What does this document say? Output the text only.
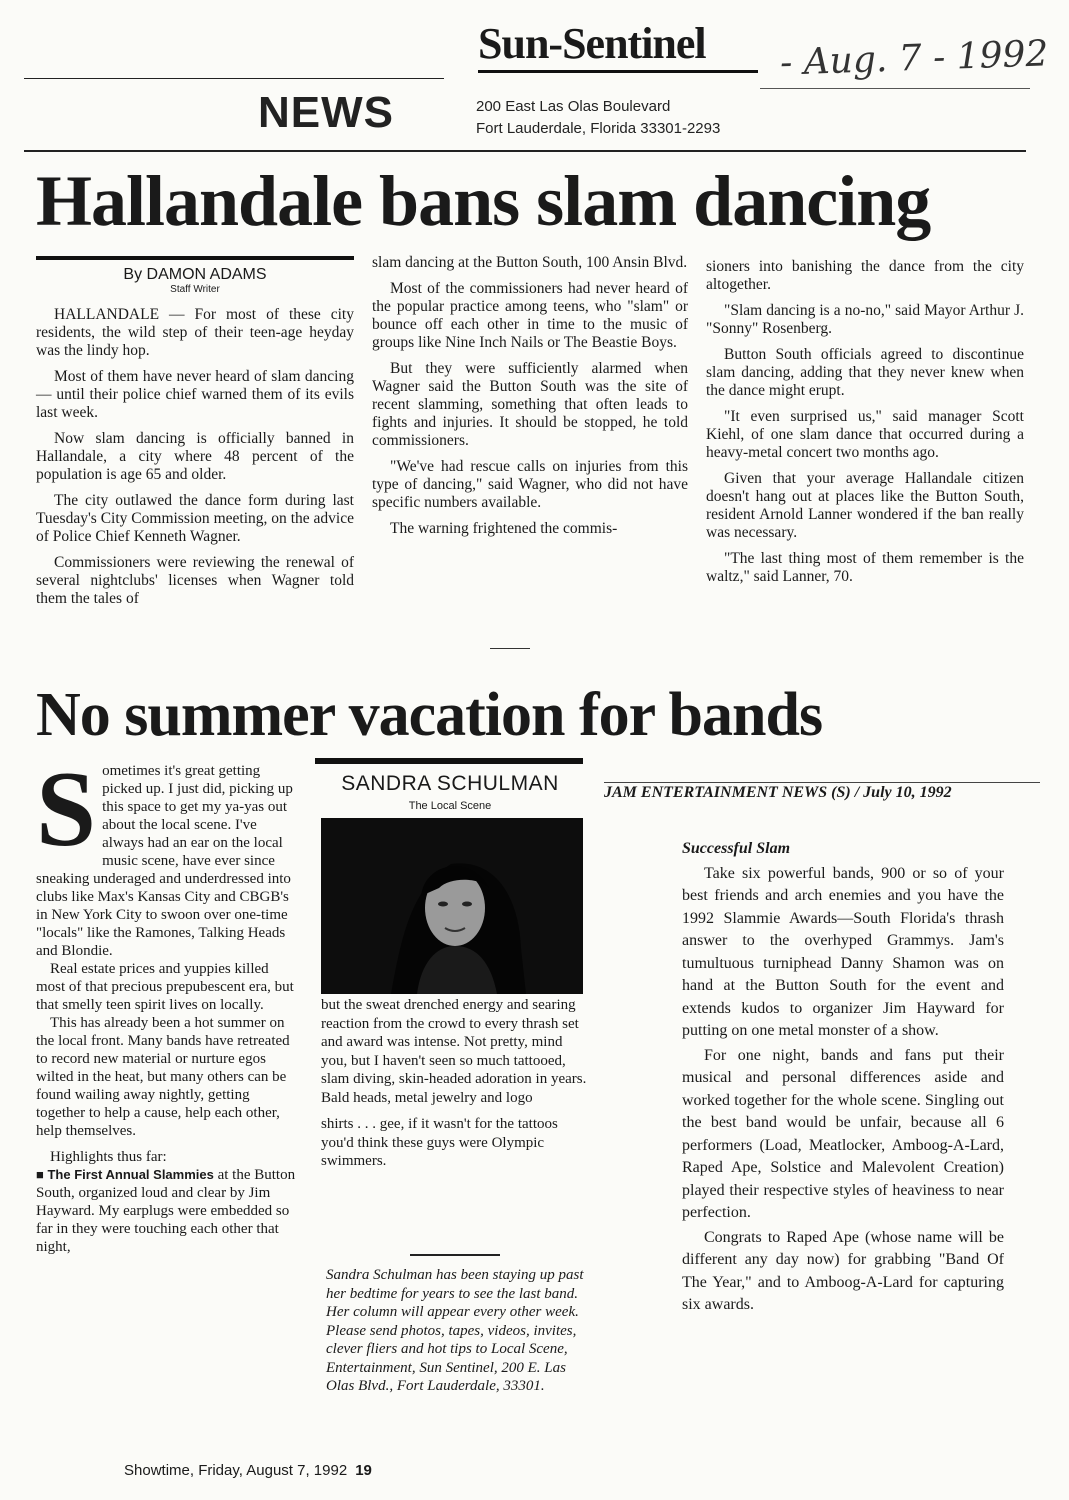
Sun-Sentinel - Aug. 7 - 1992
NEWS	200 East Las Olas Boulevard
Fort Lauderdale, Florida 33301-2293
Hallandale bans slam dancing
By DAMON ADAMS
Staff Writer

HALLANDALE — For most of these city residents, the wild step of their teen-age heyday was the lindy hop.

Most of them have never heard of slam dancing — until their police chief warned them of its evils last week.

Now slam dancing is officially banned in Hallandale, a city where 48 percent of the population is age 65 and older.

The city outlawed the dance form during last Tuesday's City Commission meeting, on the advice of Police Chief Kenneth Wagner.

Commissioners were reviewing the renewal of several nightclubs' licenses when Wagner told them the tales of

slam dancing at the Button South, 100 Ansin Blvd.

Most of the commissioners had never heard of the popular practice among teens, who "slam" or bounce off each other in time to the music of groups like Nine Inch Nails or The Beastie Boys.

But they were sufficiently alarmed when Wagner said the Button South was the site of recent slamming, something that often leads to fights and injuries. It should be stopped, he told commissioners.

"We've had rescue calls on injuries from this type of dancing," said Wagner, who did not have specific numbers available.

The warning frightened the commis-

sioners into banishing the dance from the city altogether.

"Slam dancing is a no-no," said Mayor Arthur J. "Sonny" Rosenberg.

Button South officials agreed to discontinue slam dancing, adding that they never knew when the dance might erupt.

"It even surprised us," said manager Scott Kiehl, of one slam dance that occurred during a heavy-metal concert two months ago.

Given that your average Hallandale citizen doesn't hang out at places like the Button South, resident Arnold Lanner wondered if the ban really was necessary.

"The last thing most of them remember is the waltz," said Lanner, 70.

No summer vacation for bands

Sometimes it's great getting picked up. I just did, picking up this space to get my ya-yas out about the local scene. I've always had an ear on the local music scene, have ever since sneaking underaged and underdressed into clubs like Max's Kansas City and CBGB's in New York City to swoon over one-time "locals" like the Ramones, Talking Heads and Blondie.

Real estate prices and yuppies killed most of that precious prepubescent era, but that smelly teen spirit lives on locally.

This has already been a hot summer on the local front. Many bands have retreated to record new material or nurture egos wilted in the heat, but many others can be found wailing away nightly, getting together to help a cause, help each other, help themselves.

Highlights thus far:

■ The First Annual Slammies at the Button South, organized loud and clear by Jim Hayward. My earplugs were embedded so far in they were touching each other that night,

SANDRA SCHULMAN
The Local Scene

but the sweat drenched energy and searing reaction from the crowd to every thrash set and award was intense. Not pretty, mind you, but I haven't seen so much tattooed, slam diving, skin-headed adoration in years. Bald heads, metal jewelry and logo

shirts . . . gee, if it wasn't for the tattoos you'd think these guys were Olympic swimmers.

Sandra Schulman has been staying up past her bedtime for years to see the last band. Her column will appear every other week. Please send photos, tapes, videos, invites, clever fliers and hot tips to Local Scene, Entertainment, Sun Sentinel, 200 E. Las Olas Blvd., Fort Lauderdale, 33301.
JAM ENTERTAINMENT NEWS (S) / July 10, 1992

Successful Slam

Take six powerful bands, 900 or so of your best friends and arch enemies and you have the 1992 Slammie Awards—South Florida's thrash answer to the overhyped Grammys. Jam's tumultuous turniphead Danny Shamon was on hand at the Button South for the event and extends kudos to organizer Jim Hayward for putting on one metal monster of a show.

For one night, bands and fans put their musical and personal differences aside and worked together for the whole scene. Singling out the best band would be unfair, because all 6 performers (Load, Meatlocker, Amboog-A-Lard, Raped Ape, Solstice and Malevolent Creation) played their respective styles of heaviness to near perfection.

Congrats to Raped Ape (whose name will be different any day now) for grabbing "Band Of The Year," and to Amboog-A-Lard for capturing six awards.

Showtime, Friday, August 7, 1992 19
